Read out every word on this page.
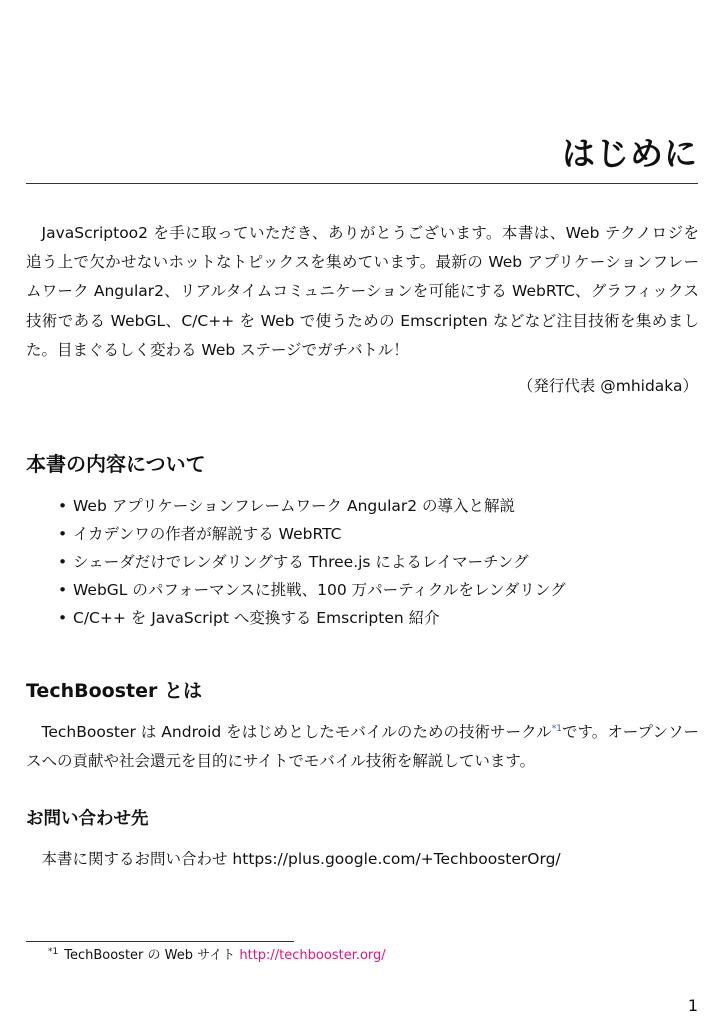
はじめに

JavaScriptoo2 を手に取っていただき、ありがとうございます。本書は、Web テクノロジを追う上で欠かせないホットなトピックスを集めています。最新の Web アプリケーションフレームワーク Angular2、リアルタイムコミュニケーションを可能にする WebRTC、グラフィックス技術である WebGL、C/C++ を Web で使うための Emscripten などなど注目技術を集めました。目まぐるしく変わる Web ステージでガチバトル！

（発行代表 @mhidaka）

本書の内容について
• Web アプリケーションフレームワーク Angular2 の導入と解説
• イカデンワの作者が解説する WebRTC
• シェーダだけでレンダリングする Three.js によるレイマーチング
• WebGL のパフォーマンスに挑戦、100 万パーティクルをレンダリング
• C/C++ を JavaScript へ変換する Emscripten 紹介
TechBooster とは

TechBooster は Android をはじめとしたモバイルのための技術サークル$^{*1}$です。オープンソースへの貢献や社会還元を目的にサイトでモバイル技術を解説しています。

お問い合わせ先

本書に関するお問い合わせ https://plus.google.com/+TechboosterOrg/

$^{*1}$ TechBooster の Web サイト http://techbooster.org/

1
